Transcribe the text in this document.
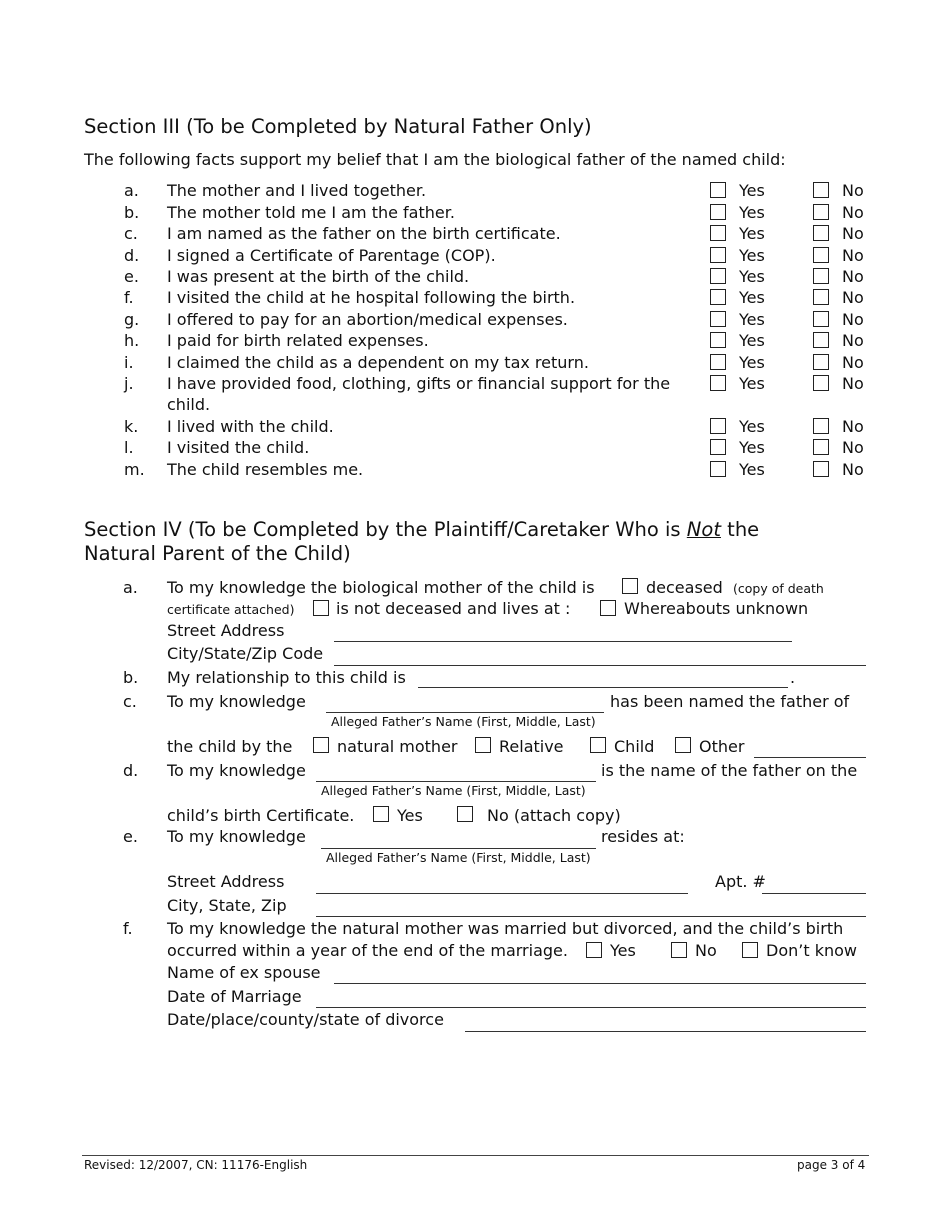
Section III (To be Completed by Natural Father Only)
The following facts support my belief that I am the biological father of the named child:
a. The mother and I lived together.	Yes	No
b. The mother told me I am the father.	Yes	No
c. I am named as the father on the birth certificate.	Yes	No
d. I signed a Certificate of Parentage (COP).	Yes	No
e. I was present at the birth of the child.	Yes	No
f. I visited the child at he hospital following the birth.	Yes	No
g. I offered to pay for an abortion/medical expenses.	Yes	No
h. I paid for birth related expenses.	Yes	No
i. I claimed the child as a dependent on my tax return.	Yes	No
j. I have provided food, clothing, gifts or financial support for the
child.
Yes	No
k. I lived with the child.	Yes	No
l. I visited the child.	Yes	No
m. The child resembles me.	Yes	No
Section IV (To be Completed by the Plaintiff/Caretaker Who is Not the
Natural Parent of the Child)
a. To my knowledge the biological mother of the child is	deceased (copy of death
certificate attached)	is not deceased and lives at :	Whereabouts unknown
Street Address
City/State/Zip Code
b. My relationship to this child is	.
c. To my knowledge	has been named the father of
Alleged Father’s Name (First, Middle, Last)
the child by the	natural mother	Relative	Child	Other
d. To my knowledge	is the name of the father on the
Alleged Father’s Name (First, Middle, Last)
child’s birth Certificate.	Yes	No (attach copy)
e. To my knowledge	resides at:
Alleged Father’s Name (First, Middle, Last)
Street Address	Apt. #
City, State, Zip
f. To my knowledge the natural mother was married but divorced, and the child’s birth
occurred within a year of the end of the marriage.	Yes	No	Don’t know
Name of ex spouse
Date of Marriage
Date/place/county/state of divorce
Revised: 12/2007, CN: 11176-English	page 3 of 4
